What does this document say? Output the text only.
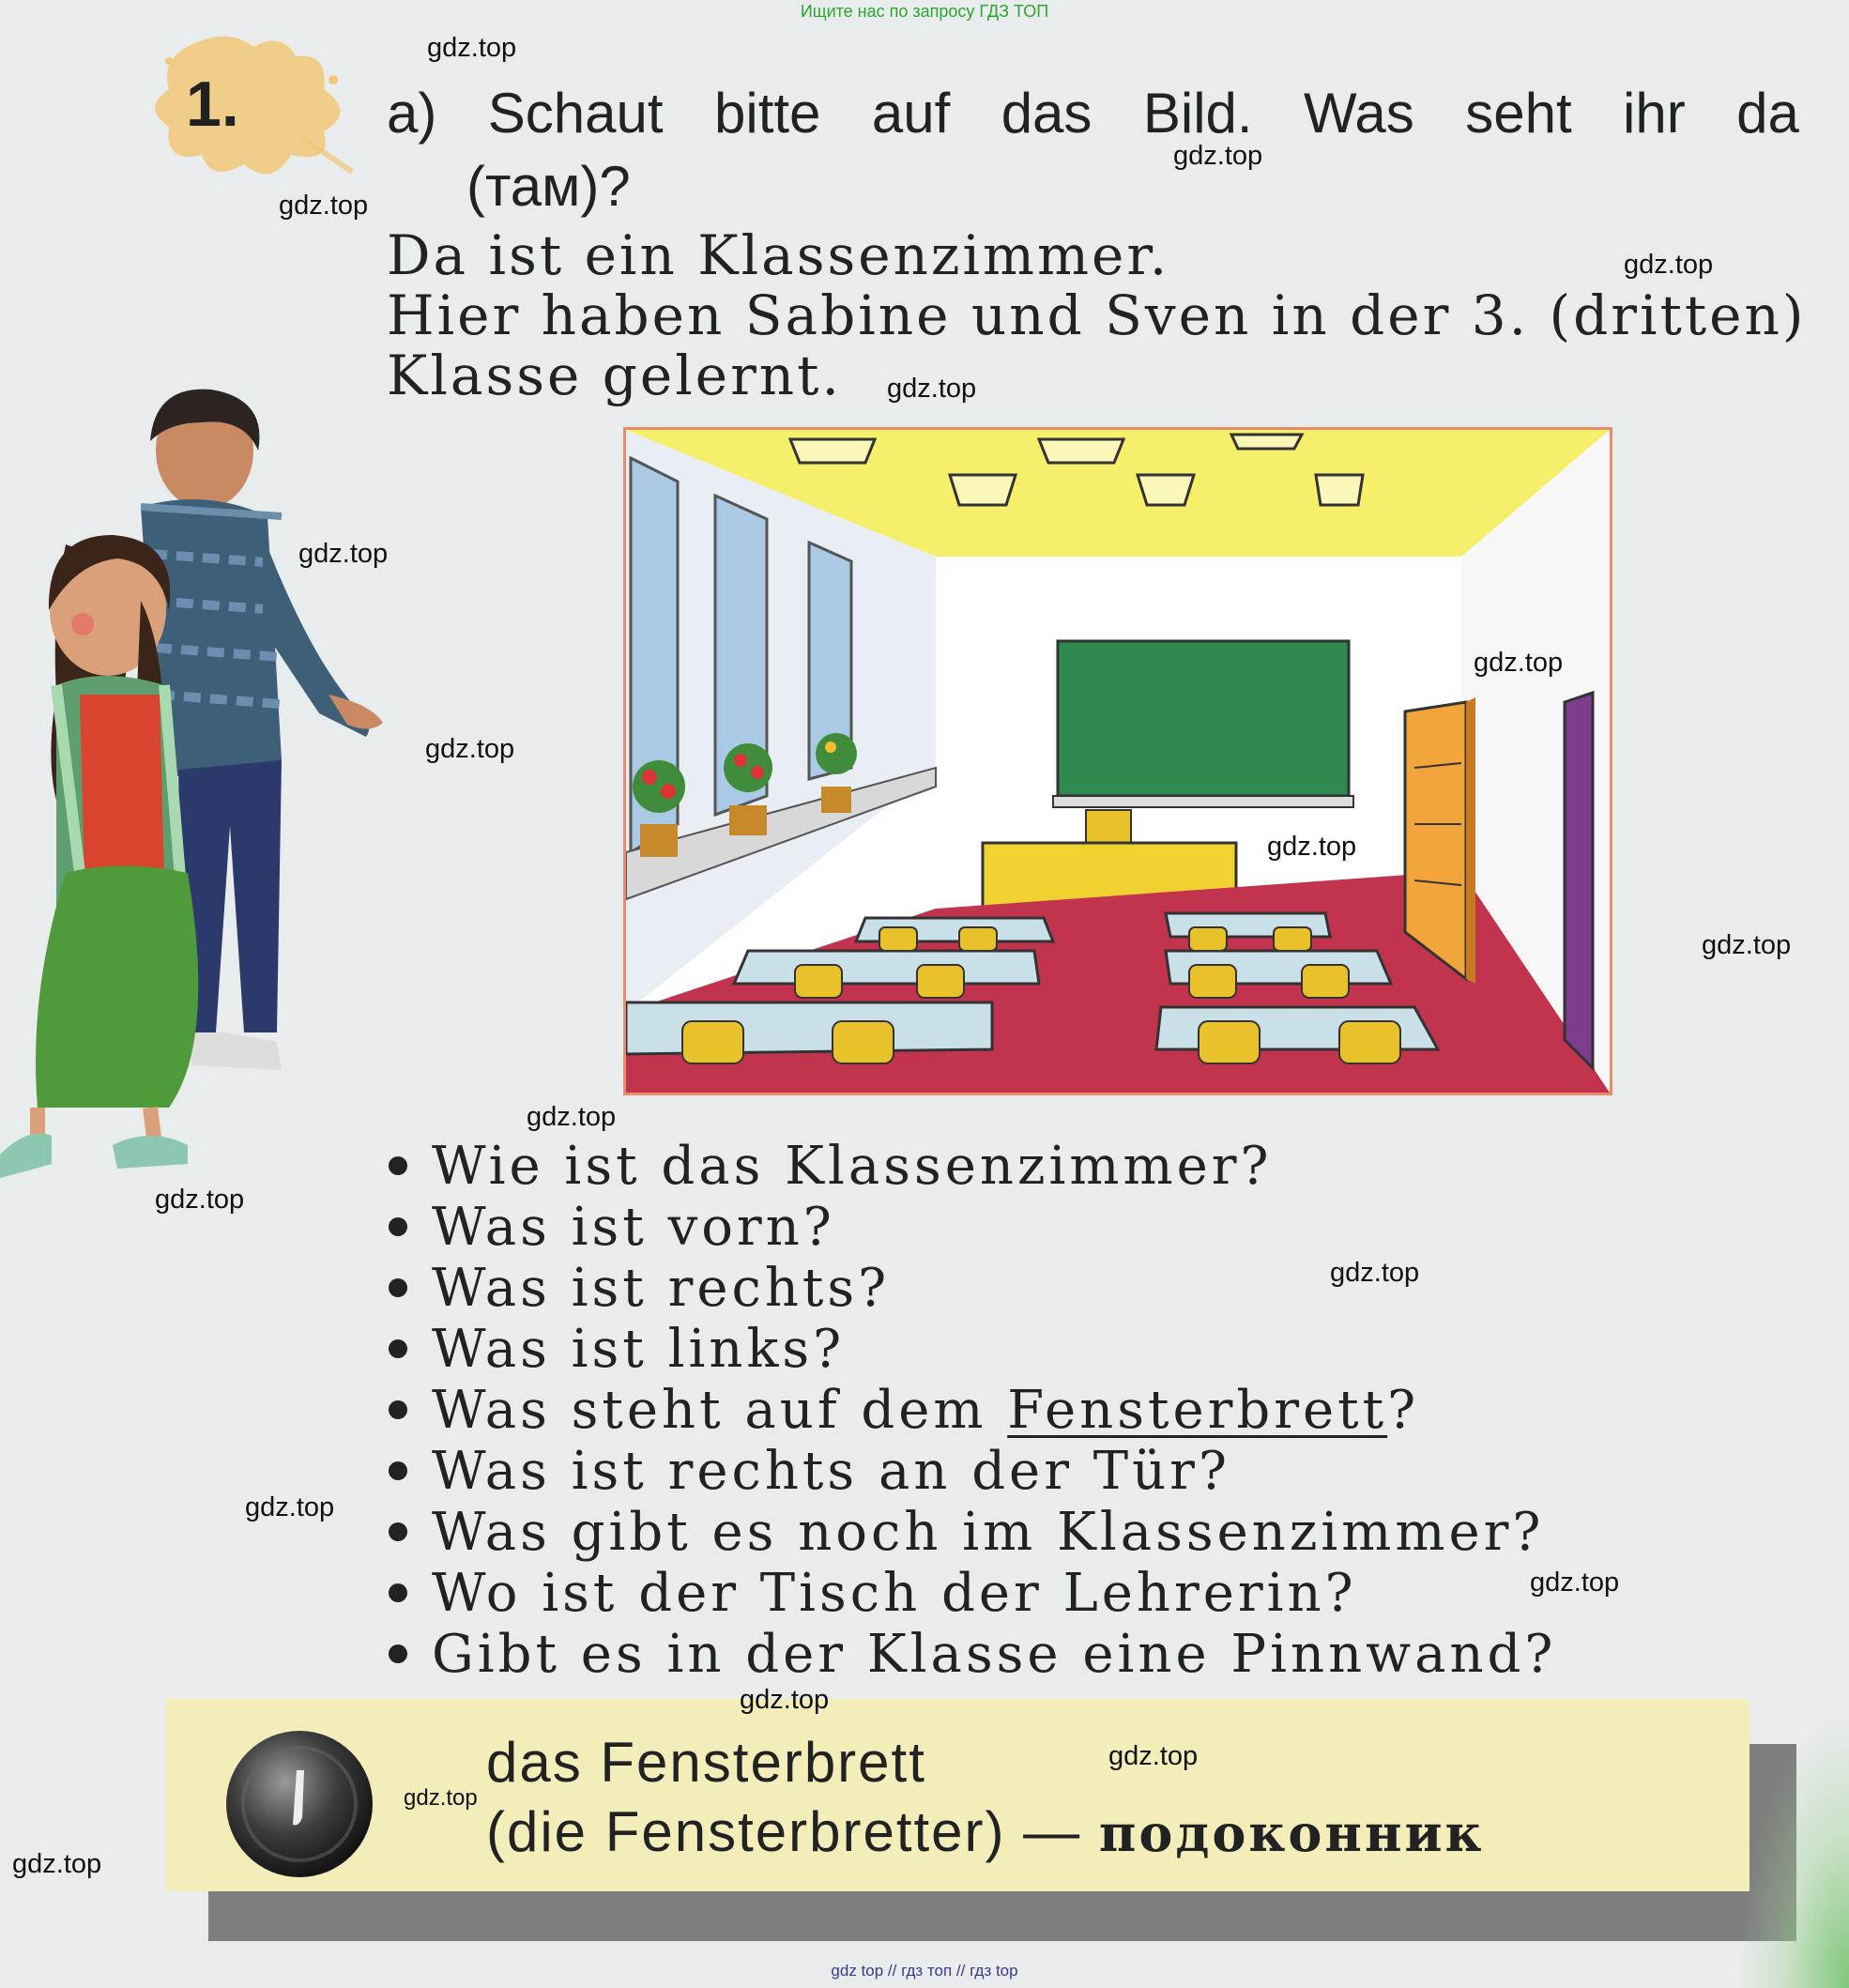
Ищите нас по запросу ГДЗ ТОП
1.	a) Schaut bitte auf das Bild. Was seht ihr da
(там)?
Da ist ein Klassenzimmer.
Hier haben Sabine und Sven in der 3. (dritten)
Klasse gelernt.
Wie ist das Klassenzimmer?
Was ist vorn?
Was ist rechts?
Was ist links?
Was steht auf dem Fensterbrett?
Was ist rechts an der Tür?
Was gibt es noch im Klassenzimmer?
Wo ist der Tisch der Lehrerin?
Gibt es in der Klasse eine Pinnwand?
das Fensterbrett
(die Fensterbretter) — подоконник
gdz.top
gdz.top
gdz.top
gdz.top
gdz.top
gdz.top
gdz.top
gdz.top
gdz.top
gdz.top
gdz.top
gdz.top
gdz.top
gdz.top
gdz.top
gdz.top
gdz.top
gdz.top
gdz.top
gdz top // гдз топ // гдз top
